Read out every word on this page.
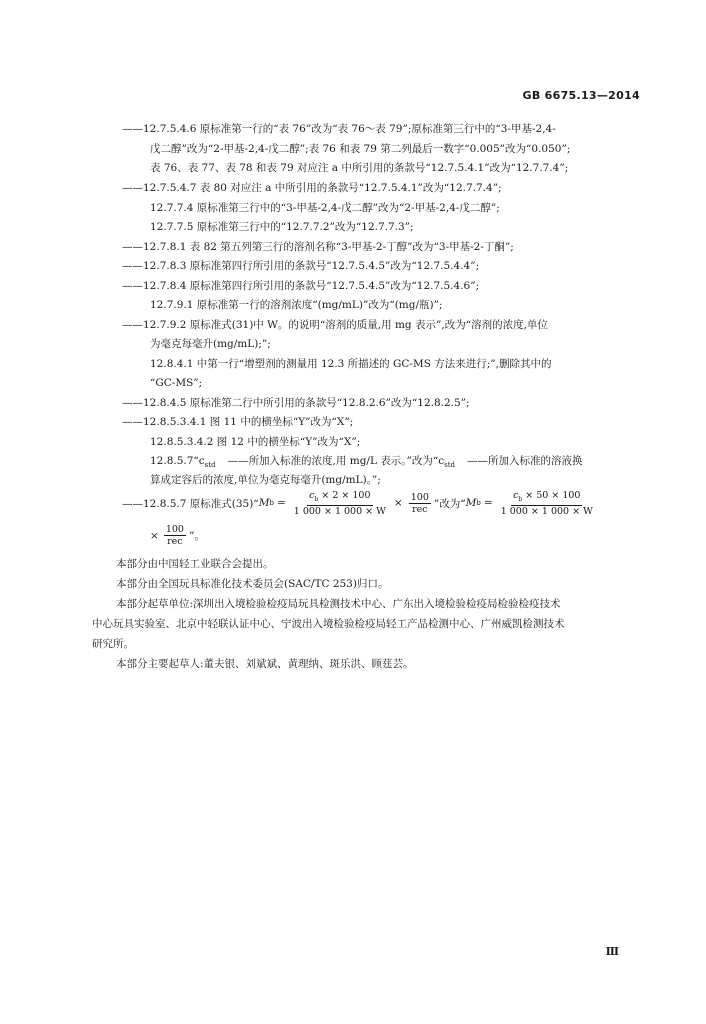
GB 6675.13—2014
——12.7.5.4.6 原标准第一行的“表 76”改为“表 76～表 79”;原标准第三行中的“3-甲基-2,4-
戊二醇”改为“2-甲基-2,4-戊二醇”;表 76 和表 79 第二列最后一数字“0.005”改为“0.050”;
表 76、表 77、表 78 和表 79 对应注 a 中所引用的条款号“12.7.5.4.1”改为“12.7.7.4”;
——12.7.5.4.7 表 80 对应注 a 中所引用的条款号“12.7.5.4.1”改为“12.7.7.4”;
12.7.7.4 原标准第三行中的“3-甲基-2,4-戊二醇”改为“2-甲基-2,4-戊二醇”;
12.7.7.5 原标准第三行中的“12.7.7.2”改为“12.7.7.3”;
——12.7.8.1 表 82 第五列第三行的溶剂名称“3-甲基-2-丁醇”改为“3-甲基-2-丁酮”;
——12.7.8.3 原标准第四行所引用的条款号“12.7.5.4.5”改为“12.7.5.4.4”;
——12.7.8.4 原标准第四行所引用的条款号“12.7.5.4.5”改为“12.7.5.4.6”;
12.7.9.1 原标准第一行的溶剂浓度“(mg/mL)”改为“(mg/瓶)”;
——12.7.9.2 原标准式(31)中 W。的说明“溶剂的质量,用 mg 表示”,改为“溶剂的浓度,单位
为毫克每毫升(mg/mL);”;
12.8.4.1 中第一行“增塑剂的测量用 12.3 所描述的 GC-MS 方法来进行;”,删除其中的
“GC-MS”;
——12.8.4.5 原标准第二行中所引用的条款号“12.8.2.6”改为“12.8.2.5”;
——12.8.5.3.4.1 图 11 中的横坐标“Y”改为“X”;
12.8.5.3.4.2 图 12 中的横坐标“Y”改为“X”;
$12.8.5.7“c_{std}$ ——所加入标准的浓度,用 mg/L 表示。”改为“$c_{std}$ ——所加入标准的溶液换
算成定容后的浓度,单位为毫克每毫升(mg/mL)。”;
——12.8.5.7 原标准式(35)“ M $b = \frac{c_b \times 2 \times 100}{1 000 \times 1 000 \times W} \times \frac{100}{\text{rec}}$ ”改为“ M $b = \frac{c_b \times 50 \times 100}{1 000 \times 1 000 \times W}$
× $\frac{100}{\text{rec}}$ ”。
本部分由中国轻工业联合会提出。
本部分由全国玩具标准化技术委员会(SAC/TC 253)归口。
本部分起草单位:深圳出入境检验检疫局玩具检测技术中心、广东出入境检验检疫局检验检疫技术
中心玩具实验室、北京中轻联认证中心、宁波出入境检验检疫局轻工产品检测中心、广州威凯检测技术
研究所。
本部分主要起草人:董夫银、刘斌斌、黄理纳、斑乐洪、顾莛芸。
Ⅲ
